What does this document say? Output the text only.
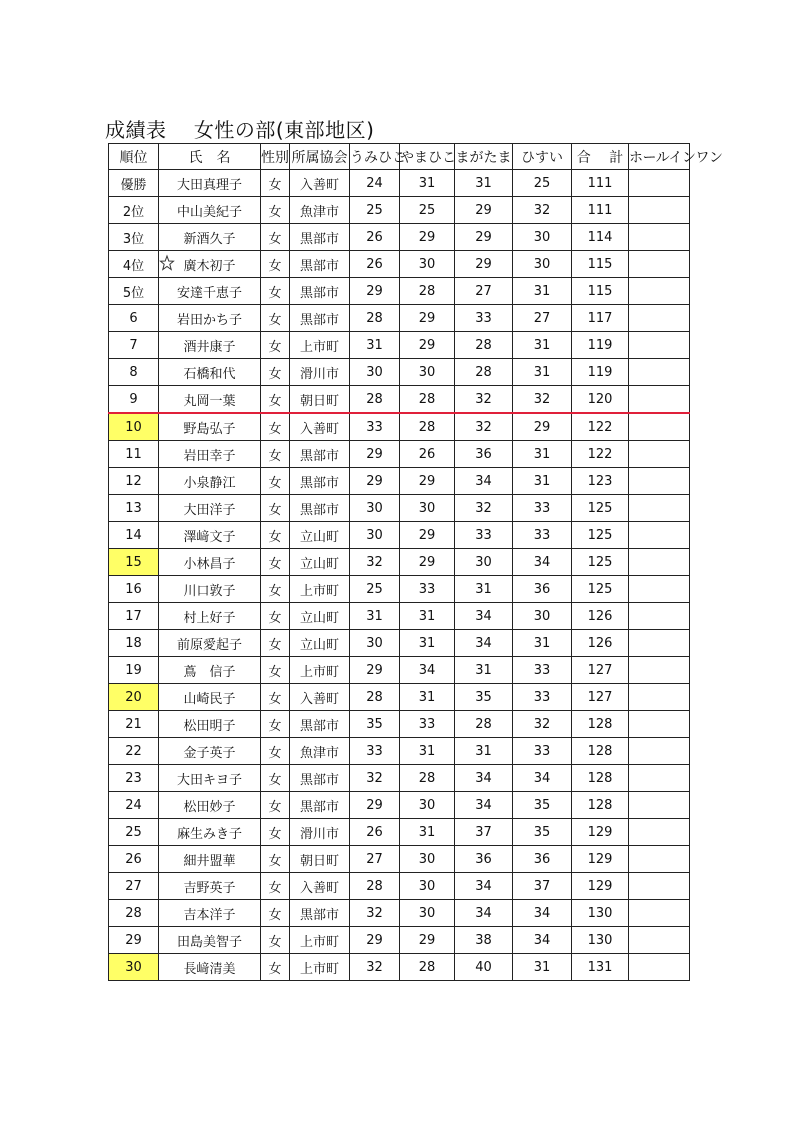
成績表　 女性の部(東部地区)
順位	氏　名	性別	所属協会	うみひこ	やまひこ	まがたま	ひすい	合　 計	ホールインワン
優勝	大田真理子	女	入善町	24	31	31	25	111	
2位	中山美紀子	女	魚津市	25	25	29	32	111	
3位	新酒久子	女	黒部市	26	29	29	30	114	
4位	廣木初子	女	黒部市	26	30	29	30	115	
5位	安達千恵子	女	黒部市	29	28	27	31	115	
6	岩田かち子	女	黒部市	28	29	33	27	117	
7	酒井康子	女	上市町	31	29	28	31	119	
8	石橋和代	女	滑川市	30	30	28	31	119	
9	丸岡一葉	女	朝日町	28	28	32	32	120	
10	野島弘子	女	入善町	33	28	32	29	122	
11	岩田幸子	女	黒部市	29	26	36	31	122	
12	小泉静江	女	黒部市	29	29	34	31	123	
13	大田洋子	女	黒部市	30	30	32	33	125	
14	澤﨑文子	女	立山町	30	29	33	33	125	
15	小林昌子	女	立山町	32	29	30	34	125	
16	川口敦子	女	上市町	25	33	31	36	125	
17	村上好子	女	立山町	31	31	34	30	126	
18	前原愛起子	女	立山町	30	31	34	31	126	
19	蔦　信子	女	上市町	29	34	31	33	127	
20	山崎民子	女	入善町	28	31	35	33	127	
21	松田明子	女	黒部市	35	33	28	32	128	
22	金子英子	女	魚津市	33	31	31	33	128	
23	大田キヨ子	女	黒部市	32	28	34	34	128	
24	松田妙子	女	黒部市	29	30	34	35	128	
25	麻生みき子	女	滑川市	26	31	37	35	129	
26	細井盟華	女	朝日町	27	30	36	36	129	
27	吉野英子	女	入善町	28	30	34	37	129	
28	吉本洋子	女	黒部市	32	30	34	34	130	
29	田島美智子	女	上市町	29	29	38	34	130	
30	長﨑清美	女	上市町	32	28	40	31	131	
